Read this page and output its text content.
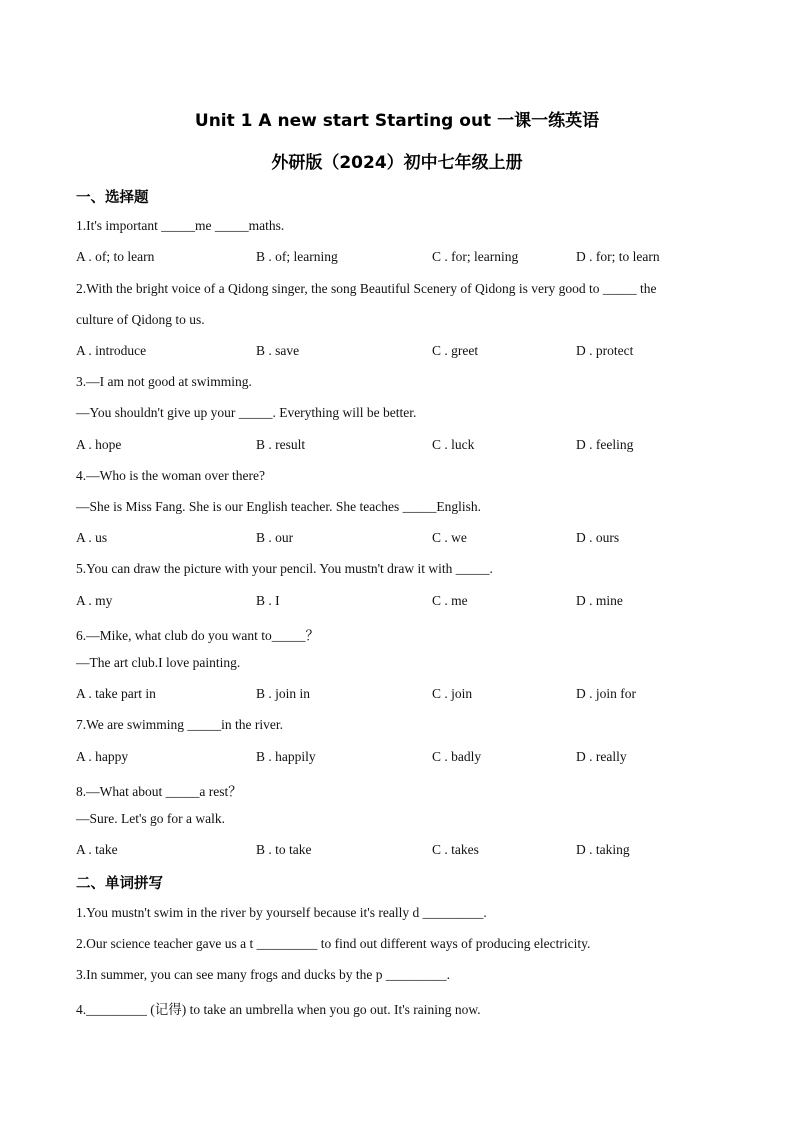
Unit 1 A new start Starting out 一课一练英语
外研版（2024）初中七年级上册
一、选择题
1.It's important _____me _____maths.
A . of; to learn	B . of; learning	C . for; learning	D . for; to learn
2.With the bright voice of a Qidong singer, the song Beautiful Scenery of Qidong is very good to _____ the
culture of Qidong to us.
A . introduce	B . save	C . greet	D . protect
3.—I am not good at swimming.
—You shouldn't give up your _____. Everything will be better.
A . hope	B . result	C . luck	D . feeling
4.—Who is the woman over there?
—She is Miss Fang. She is our English teacher. She teaches _____English.
A . us	B . our	C . we	D . ours
5.You can draw the picture with your pencil. You mustn't draw it with _____.
A . my	B . I	C . me	D . mine
6.—Mike, what club do you want to_____？
—The art club.I love painting.
A . take part in	B . join in	C . join	D . join for
7.We are swimming _____in the river.
A . happy	B . happily	C . badly	D . really
8.—What about _____a rest？
—Sure. Let's go for a walk.
A . take	B . to take	C . takes	D . taking
二、单词拼写
1.You mustn't swim in the river by yourself because it's really d _________.
2.Our science teacher gave us a t _________ to find out different ways of producing electricity.
3.In summer, you can see many frogs and ducks by the p _________.
4._________ (记得) to take an umbrella when you go out. It's raining now.
